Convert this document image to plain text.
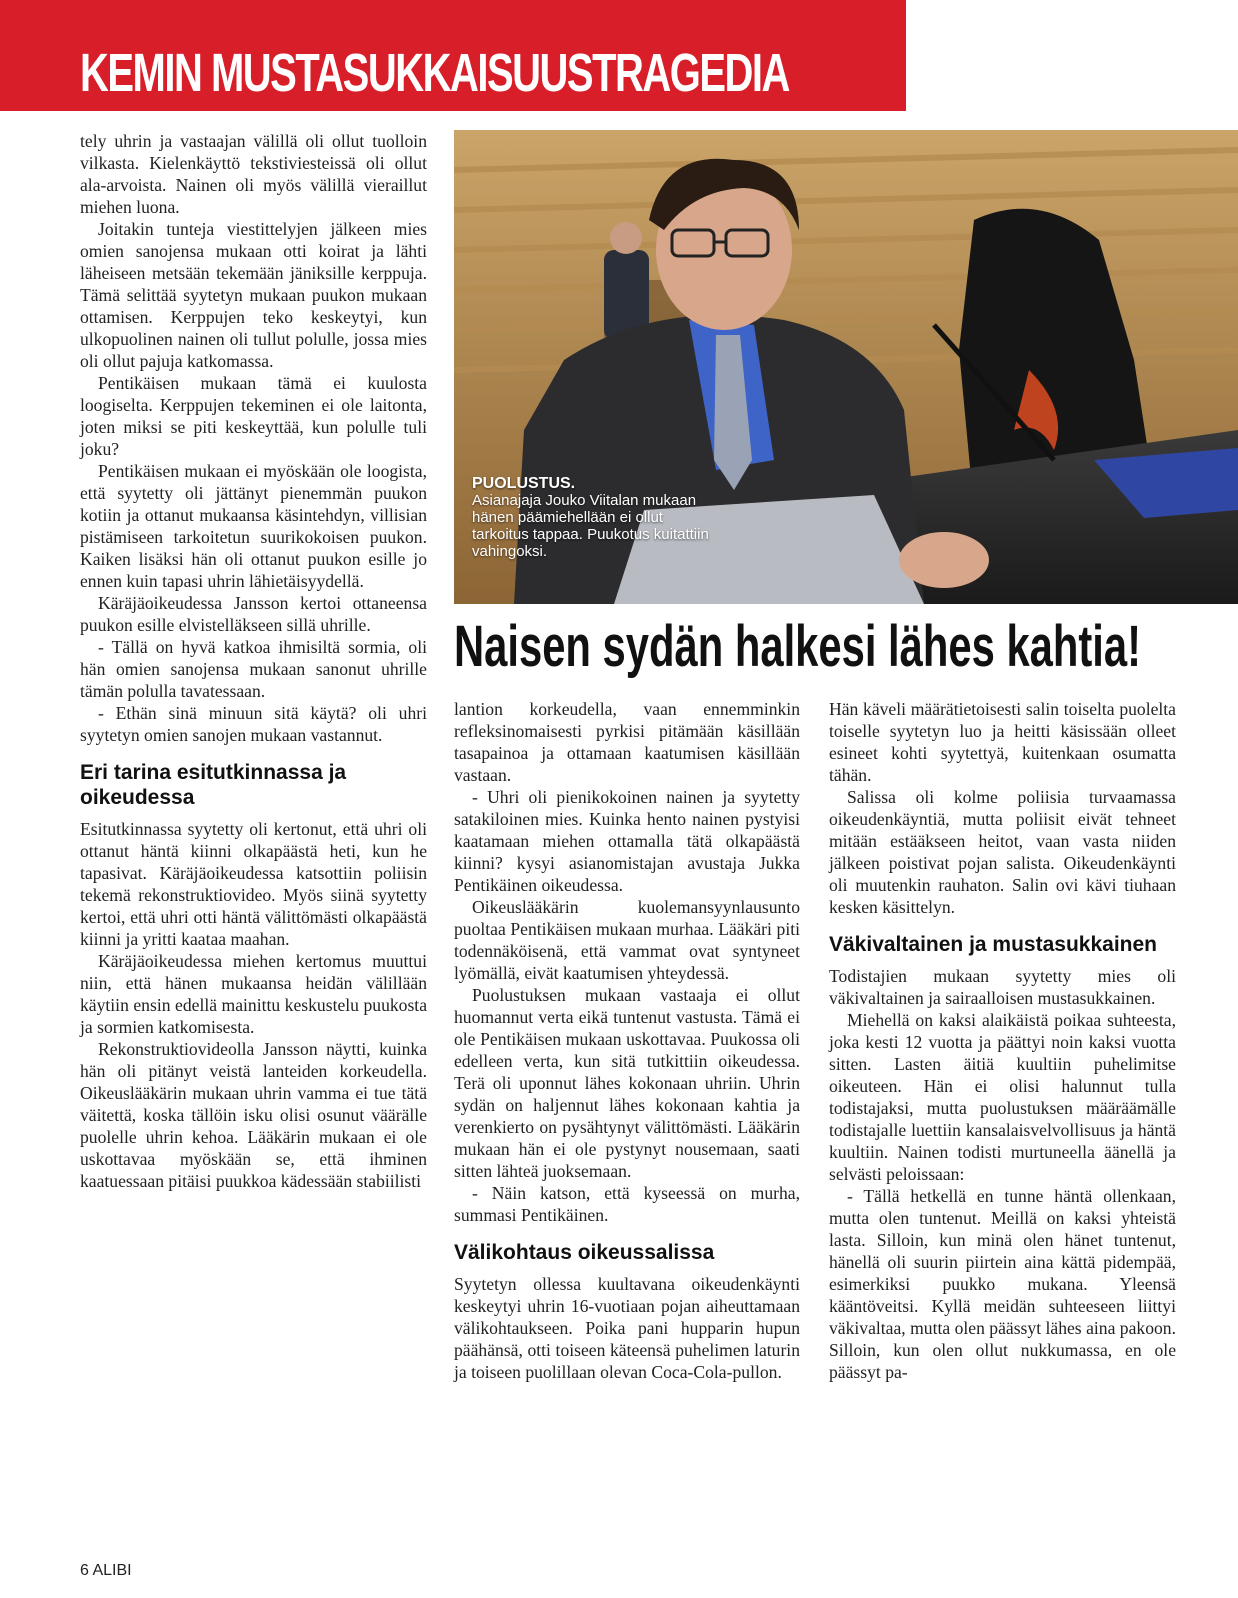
KEMIN MUSTASUKKAISUUSTRAGEDIA

tely uhrin ja vastaajan välillä oli ollut tuolloin vilkasta. Kielenkäyttö tekstiviesteissä oli ollut ala-arvoista. Nainen oli myös välillä vieraillut miehen luona.

Joitakin tunteja viestittelyjen jälkeen mies omien sanojensa mukaan otti koirat ja lähti läheiseen metsään tekemään jäniksille kerppuja. Tämä selittää syytetyn mukaan puukon mukaan ottamisen. Kerppujen teko keskeytyi, kun ulkopuolinen nainen oli tullut polulle, jossa mies oli ollut pajuja katkomassa.

Pentikäisen mukaan tämä ei kuulosta loogiselta. Kerppujen tekeminen ei ole laitonta, joten miksi se piti keskeyttää, kun polulle tuli joku?

Pentikäisen mukaan ei myöskään ole loogista, että syytetty oli jättänyt pienemmän puukon kotiin ja ottanut mukaansa käsintehdyn, villisian pistämiseen tarkoitetun suurikokoisen puukon. Kaiken lisäksi hän oli ottanut puukon esille jo ennen kuin tapasi uhrin lähietäisyydellä.

Käräjäoikeudessa Jansson kertoi ottaneensa puukon esille elvistelläkseen sillä uhrille.

- Tällä on hyvä katkoa ihmisiltä sormia, oli hän omien sanojensa mukaan sanonut uhrille tämän polulla tavatessaan.

- Ethän sinä minuun sitä käytä? oli uhri syytetyn omien sanojen mukaan vastannut.

Eri tarina esitutkinnassa ja oikeudessa

Esitutkinnassa syytetty oli kertonut, että uhri oli ottanut häntä kiinni olkapäästä heti, kun he tapasivat. Käräjäoikeudessa katsottiin poliisin tekemä rekonstruktiovideo. Myös siinä syytetty kertoi, että uhri otti häntä välittömästi olkapäästä kiinni ja yritti kaataa maahan.

Käräjäoikeudessa miehen kertomus muuttui niin, että hänen mukaansa heidän välillään käytiin ensin edellä mainittu keskustelu puukosta ja sormien katkomisesta.

Rekonstruktiovideolla Jansson näytti, kuinka hän oli pitänyt veistä lanteiden korkeudella. Oikeuslääkärin mukaan uhrin vamma ei tue tätä väitettä, koska tällöin isku olisi osunut väärälle puolelle uhrin kehoa. Lääkärin mukaan ei ole uskottavaa myöskään se, että ihminen kaatuessaan pitäisi puukkoa kädessään stabiilisti

PUOLUSTUS.
Asianajaja Jouko Viitalan mukaan hänen päämiehellään ei ollut tarkoitus tappaa. Puukotus kuitattiin vahingoksi.
Naisen sydän halkesi lähes kahtia!

lantion korkeudella, vaan ennemminkin refleksinomaisesti pyrkisi pitämään käsillään tasapainoa ja ottamaan kaatumisen käsillään vastaan.

- Uhri oli pienikokoinen nainen ja syytetty satakiloinen mies. Kuinka hento nainen pystyisi kaatamaan miehen ottamalla tätä olkapäästä kiinni? kysyi asianomistajan avustaja Jukka Pentikäinen oikeudessa.

Oikeuslääkärin kuolemansyynlausunto puoltaa Pentikäisen mukaan murhaa. Lääkäri piti todennäköisenä, että vammat ovat syntyneet lyömällä, eivät kaatumisen yhteydessä.

Puolustuksen mukaan vastaaja ei ollut huomannut verta eikä tuntenut vastusta. Tämä ei ole Pentikäisen mukaan uskottavaa. Puukossa oli edelleen verta, kun sitä tutkittiin oikeudessa. Terä oli uponnut lähes kokonaan uhriin. Uhrin sydän on haljennut lähes kokonaan kahtia ja verenkierto on pysähtynyt välittömästi. Lääkärin mukaan hän ei ole pystynyt nousemaan, saati sitten lähteä juoksemaan.

- Näin katson, että kyseessä on murha, summasi Pentikäinen.

Välikohtaus oikeussalissa

Syytetyn ollessa kuultavana oikeudenkäynti keskeytyi uhrin 16-vuotiaan pojan aiheuttamaan välikohtaukseen. Poika pani hupparin hupun päähänsä, otti toiseen käteensä puhelimen laturin ja toiseen puolillaan olevan Coca-Cola-pullon.

Hän käveli määrätietoisesti salin toiselta puolelta toiselle syytetyn luo ja heitti käsissään olleet esineet kohti syytettyä, kuitenkaan osumatta tähän.

Salissa oli kolme poliisia turvaamassa oikeudenkäyntiä, mutta poliisit eivät tehneet mitään estääkseen heitot, vaan vasta niiden jälkeen poistivat pojan salista. Oikeudenkäynti oli muutenkin rauhaton. Salin ovi kävi tiuhaan kesken käsittelyn.

Väkivaltainen ja mustasukkainen

Todistajien mukaan syytetty mies oli väkivaltainen ja sairaalloisen mustasukkainen.

Miehellä on kaksi alaikäistä poikaa suhteesta, joka kesti 12 vuotta ja päättyi noin kaksi vuotta sitten. Lasten äitiä kuultiin puhelimitse oikeuteen. Hän ei olisi halunnut tulla todistajaksi, mutta puolustuksen määräämälle todistajalle luettiin kansalaisvelvollisuus ja häntä kuultiin. Nainen todisti murtuneella äänellä ja selvästi peloissaan:

- Tällä hetkellä en tunne häntä ollenkaan, mutta olen tuntenut. Meillä on kaksi yhteistä lasta. Silloin, kun minä olen hänet tuntenut, hänellä oli suurin piirtein aina kättä pidempää, esimerkiksi puukko mukana. Yleensä kääntöveitsi. Kyllä meidän suhteeseen liittyi väkivaltaa, mutta olen päässyt lähes aina pakoon. Silloin, kun olen ollut nukkumassa, en ole päässyt pa-

6 ALIBI
